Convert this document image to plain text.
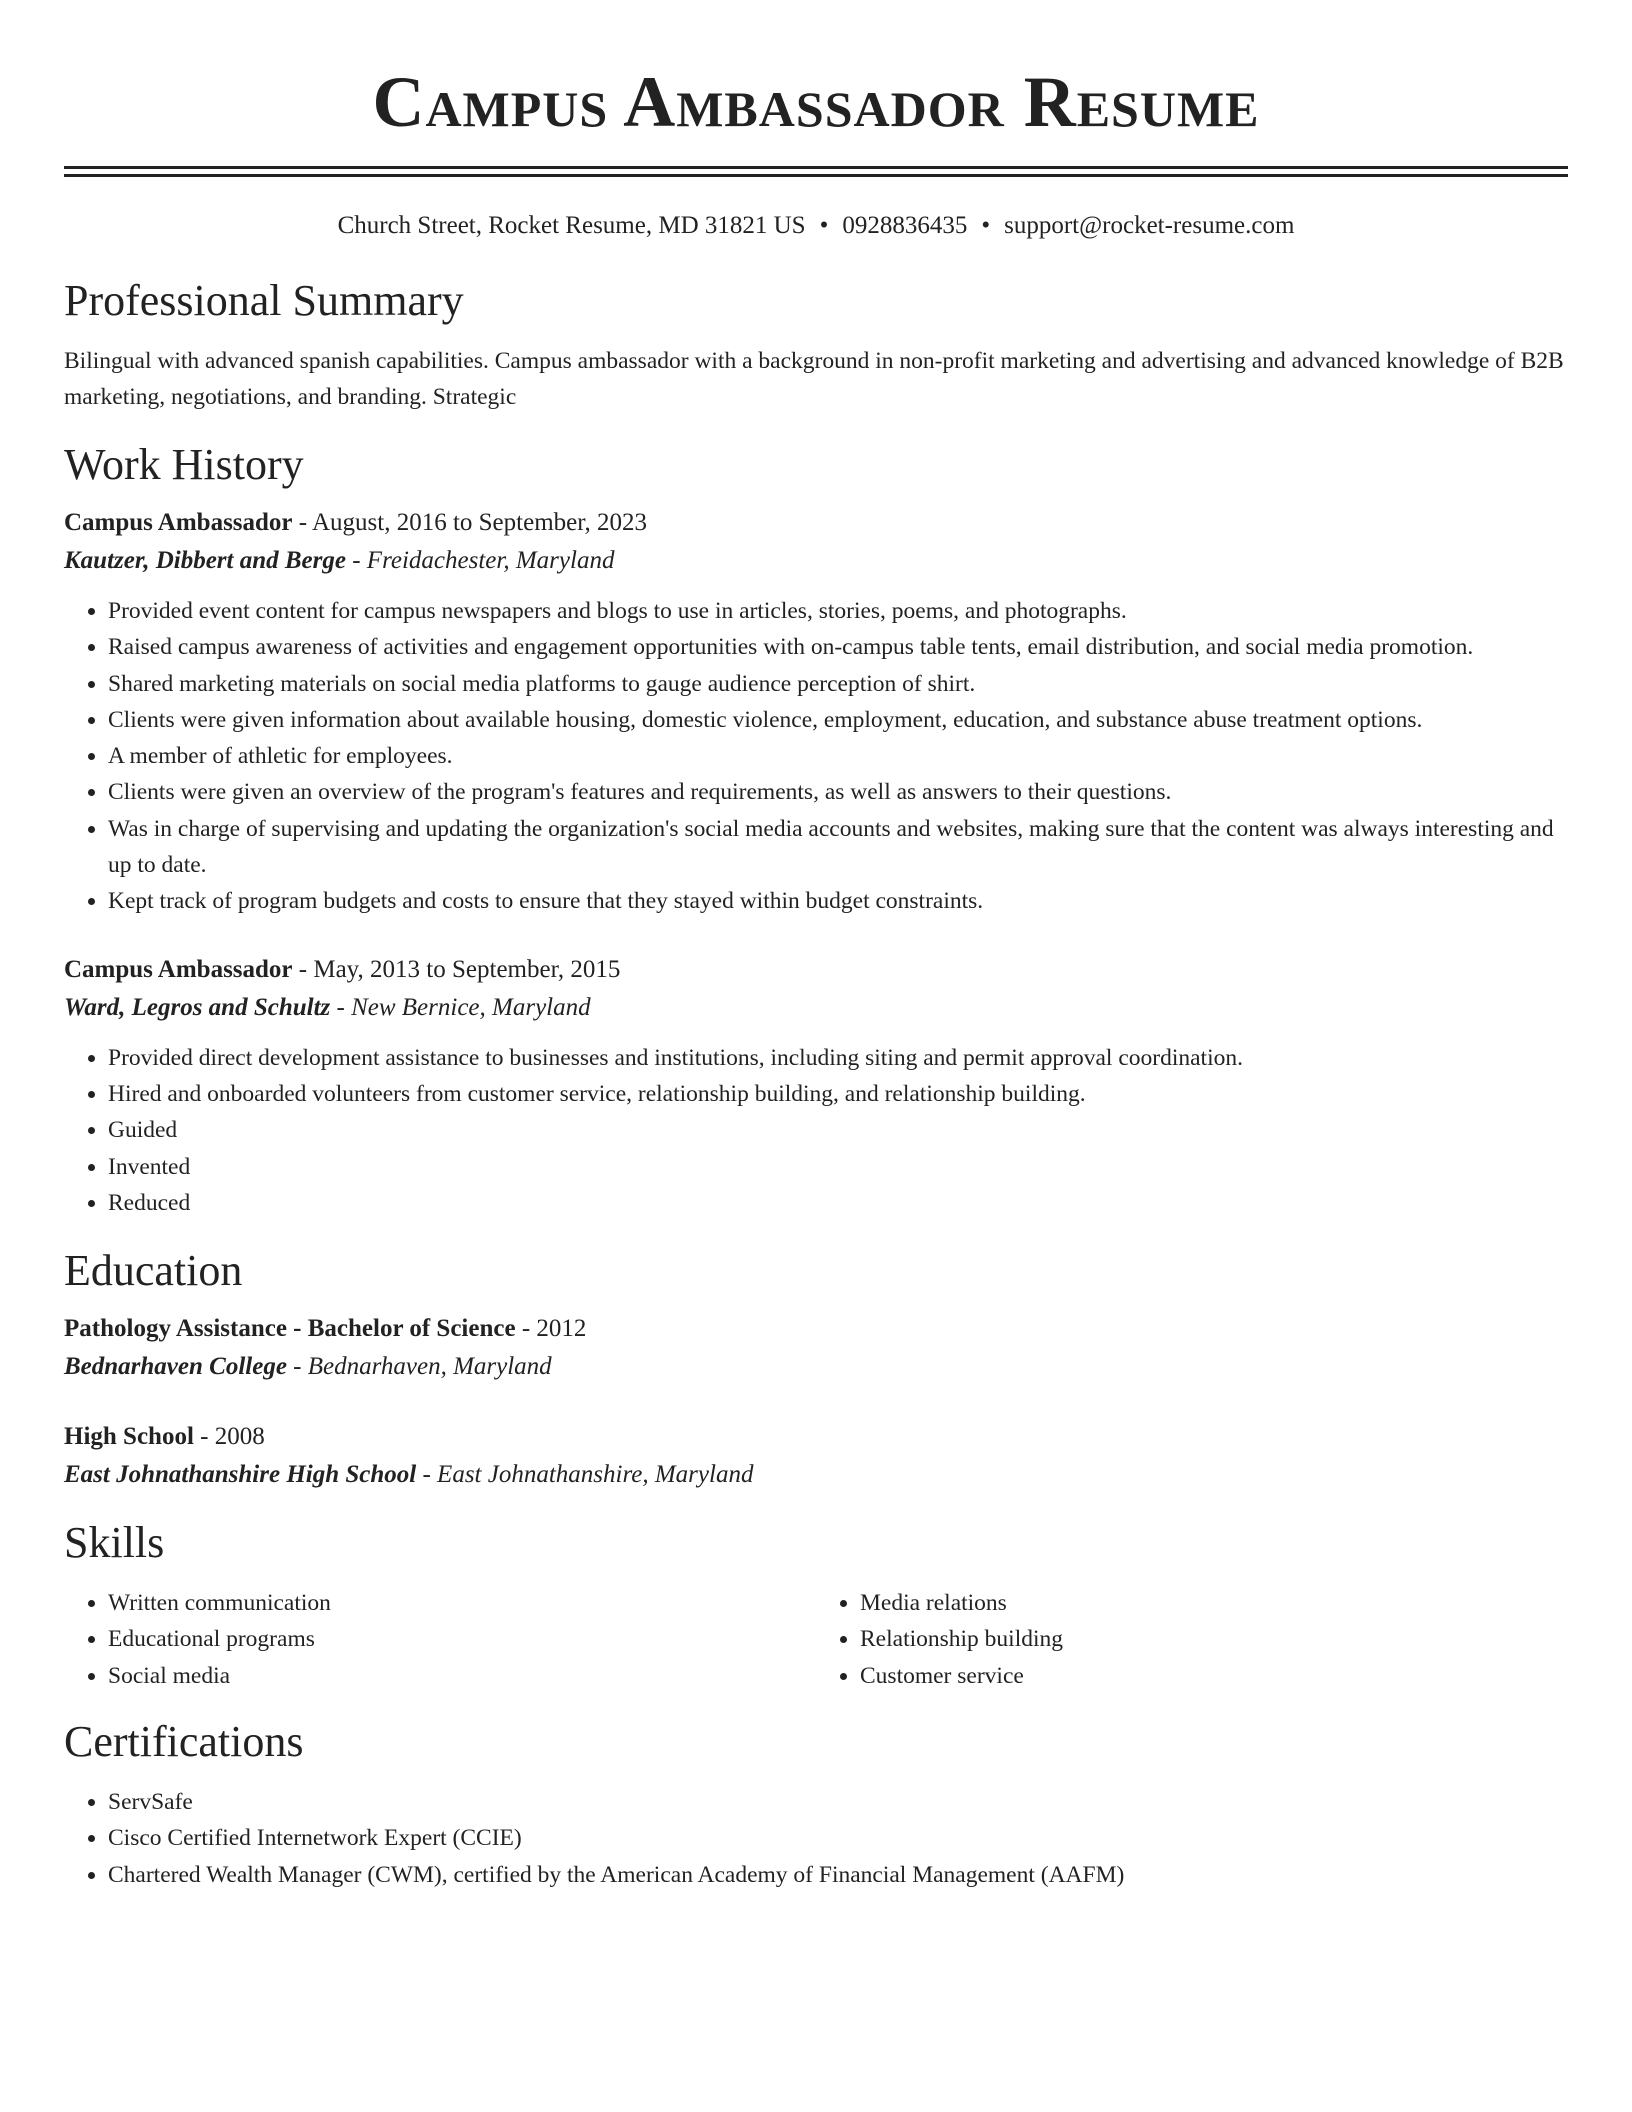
Campus Ambassador Resume
Church Street, Rocket Resume, MD 31821 US • 0928836435 • support@rocket-resume.com
Professional Summary

Bilingual with advanced spanish capabilities. Campus ambassador with a background in non-profit marketing and advertising and advanced knowledge of B2B marketing, negotiations, and branding. Strategic

Work History
Campus Ambassador - August, 2016 to September, 2023
Kautzer, Dibbert and Berge - Freidachester, Maryland
• Provided event content for campus newspapers and blogs to use in articles, stories, poems, and photographs.
• Raised campus awareness of activities and engagement opportunities with on-campus table tents, email distribution, and social media promotion.
• Shared marketing materials on social media platforms to gauge audience perception of shirt.
• Clients were given information about available housing, domestic violence, employment, education, and substance abuse treatment options.
• A member of athletic for employees.
• Clients were given an overview of the program's features and requirements, as well as answers to their questions.
• Was in charge of supervising and updating the organization's social media accounts and websites, making sure that the content was always interesting and up to date.
• Kept track of program budgets and costs to ensure that they stayed within budget constraints.
Campus Ambassador - May, 2013 to September, 2015
Ward, Legros and Schultz - New Bernice, Maryland
• Provided direct development assistance to businesses and institutions, including siting and permit approval coordination.
• Hired and onboarded volunteers from customer service, relationship building, and relationship building.
• Guided
• Invented
• Reduced
Education
Pathology Assistance - Bachelor of Science - 2012
Bednarhaven College - Bednarhaven, Maryland
High School - 2008
East Johnathanshire High School - East Johnathanshire, Maryland
Skills
• Written communication
• Educational programs
• Social media
• Media relations
• Relationship building
• Customer service
Certifications
• ServSafe
• Cisco Certified Internetwork Expert (CCIE)
• Chartered Wealth Manager (CWM), certified by the American Academy of Financial Management (AAFM)
